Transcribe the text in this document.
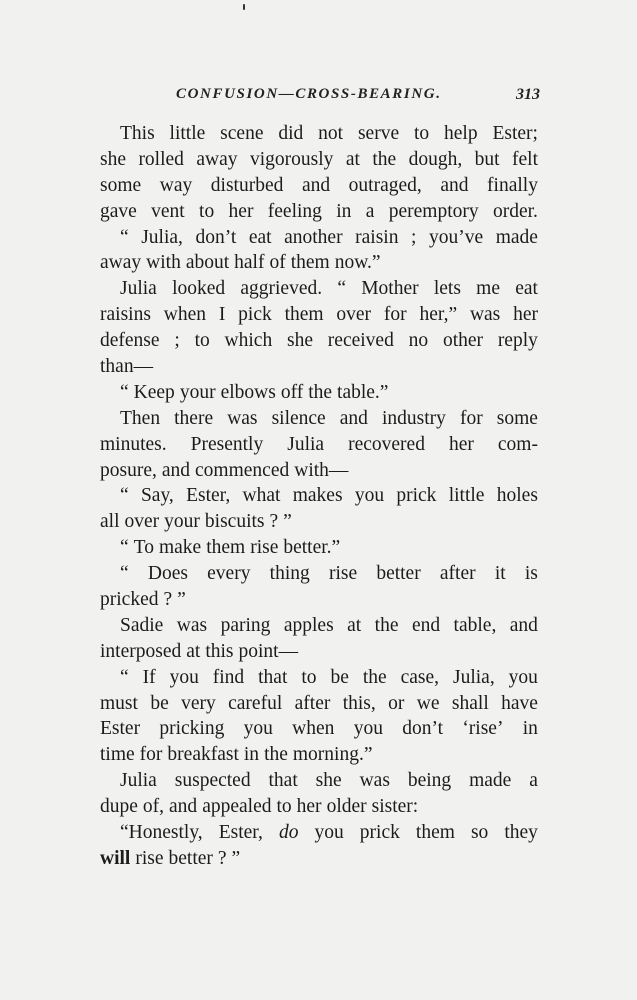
CONFUSION—CROSS-BEARING.	313
This little scene did not serve to help Ester;
she rolled away vigorously at the dough, but felt
some way disturbed and outraged, and finally
gave vent to her feeling in a peremptory order.
“ Julia, don’t eat another raisin ; you’ve made
away with about half of them now.”
Julia looked aggrieved. “ Mother lets me eat
raisins when I pick them over for her,” was her
defense ; to which she received no other reply
than—
“ Keep your elbows off the table.”
Then there was silence and industry for some
minutes. Presently Julia recovered her com-
posure, and commenced with—
“ Say, Ester, what makes you prick little holes
all over your biscuits ? ”
“ To make them rise better.”
“ Does every thing rise better after it is
pricked ? ”
Sadie was paring apples at the end table, and
interposed at this point—
“ If you find that to be the case, Julia, you
must be very careful after this, or we shall have
Ester pricking you when you don’t ‘rise’ in
time for breakfast in the morning.”
Julia suspected that she was being made a
dupe of, and appealed to her older sister:
“Honestly, Ester, do you prick them so they
will rise better ? ”
